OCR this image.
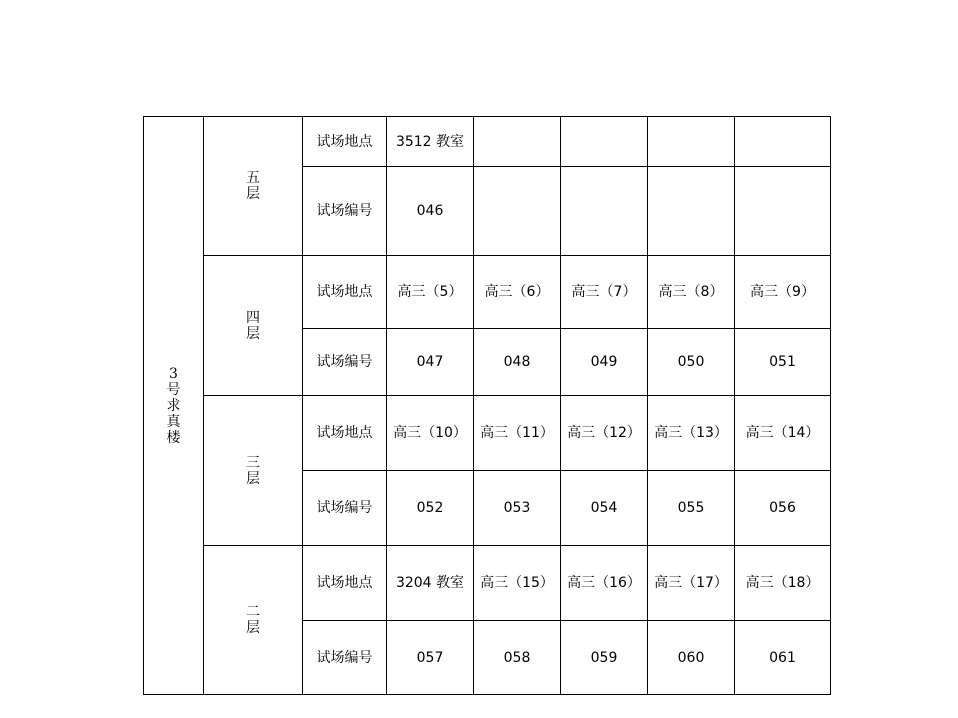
3
号
求
真
楼	五
层	试场地点	3512 教室				
		试场编号	046				

	四
层	试场地点	高三（5）	高三（6）	高三（7）	高三（8）	高三（9）
		试场编号	047	048	049	050	051

	三
层	试场地点	高三（10）	高三（11）	高三（12）	高三（13）	高三（14）
		试场编号	052	053	054	055	056

	二
层	试场地点	3204 教室	高三（15）	高三（16）	高三（17）	高三（18）
		试场编号	057	058	059	060	061
